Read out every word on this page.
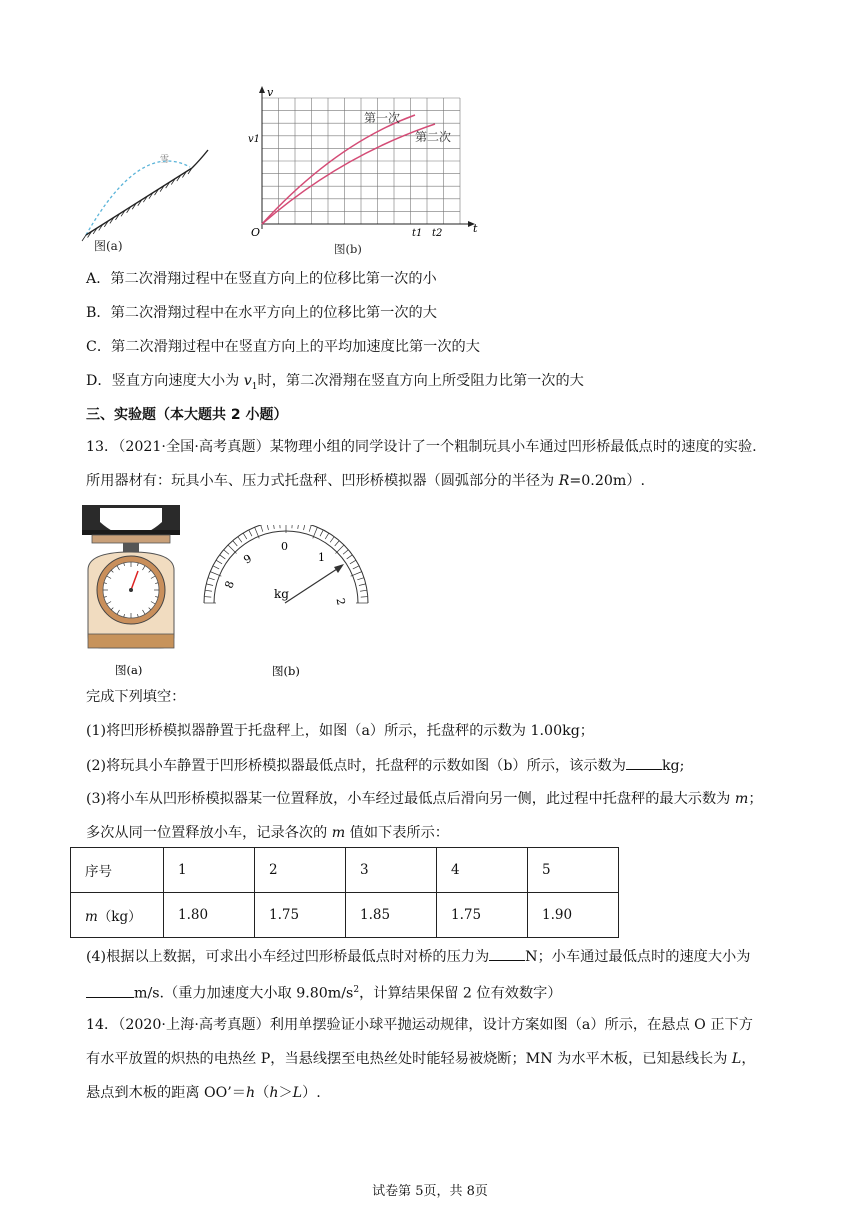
雪
图(a)
v
t
O
v1
t1 t2
第一次
第二次
图(b)
A．第二次滑翔过程中在竖直方向上的位移比第一次的小
B．第二次滑翔过程中在水平方向上的位移比第一次的大
C．第二次滑翔过程中在竖直方向上的平均加速度比第一次的大
D．竖直方向速度大小为 $v_1$时，第二次滑翔在竖直方向上所受阻力比第一次的大
三、实验题（本大题共 2 小题）
13．（2021·全国·高考真题）某物理小组的同学设计了一个粗制玩具小车通过凹形桥最低点时的速度的实验.
所用器材有：玩具小车、压力式托盘秤、凹形桥模拟器（圆弧部分的半径为 R=0.20m）.
图(a)
0
1
2
9
8
kg
图(b)
完成下列填空：
(1)将凹形桥模拟器静置于托盘秤上，如图（a）所示，托盘秤的示数为 1.00kg；
(2)将玩具小车静置于凹形桥模拟器最低点时，托盘秤的示数如图（b）所示，该示数为	kg;
(3)将小车从凹形桥模拟器某一位置释放，小车经过最低点后滑向另一侧，此过程中托盘秤的最大示数为 m；
多次从同一位置释放小车，记录各次的 m 值如下表所示：
序号	1	2	3	4	5
m（kg）	1.80	1.75	1.85	1.75	1.90
(4)根据以上数据，可求出小车经过凹形桥最低点时对桥的压力为	N；小车通过最低点时的速度大小为
m/s.（重力加速度大小取 $9.80m/s^2$，计算结果保留 2 位有效数字）
14．（2020·上海·高考真题）利用单摆验证小球平抛运动规律，设计方案如图（a）所示，在悬点 O 正下方
有水平放置的炽热的电热丝 P，当悬线摆至电热丝处时能轻易被烧断；MN 为水平木板，已知悬线长为 L，
悬点到木板的距离 OO’＝h（h＞L）.
试卷第 5页，共 8页
